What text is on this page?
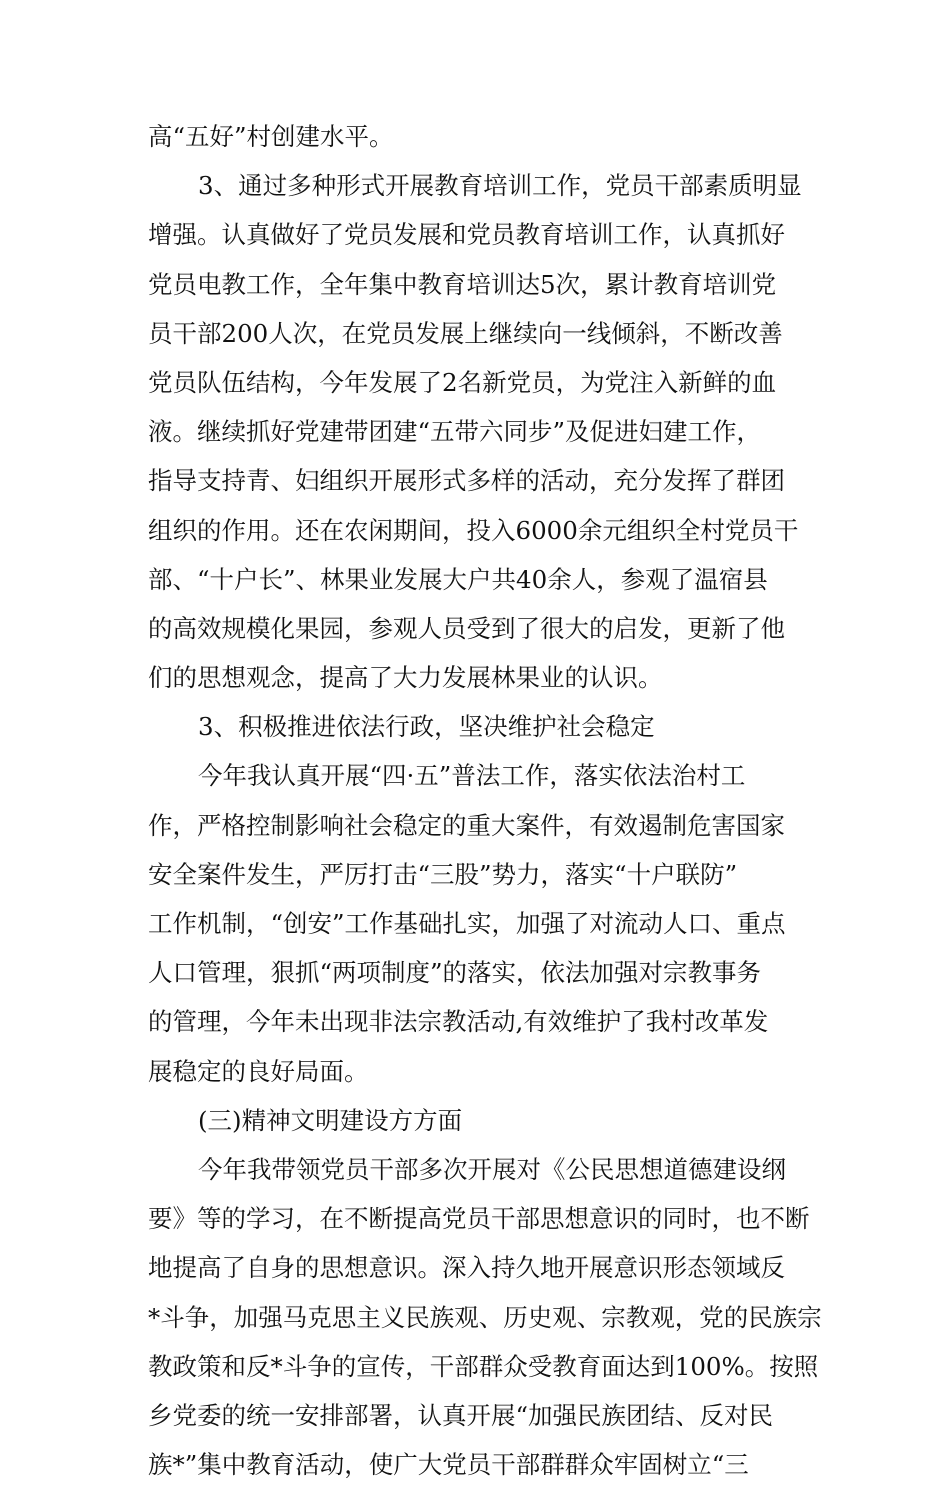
高“五好”村创建水平。
3、通过多种形式开展教育培训工作，党员干部素质明显
增强。认真做好了党员发展和党员教育培训工作，认真抓好
党员电教工作，全年集中教育培训达5次，累计教育培训党
员干部200人次，在党员发展上继续向一线倾斜，不断改善
党员队伍结构，今年发展了2名新党员，为党注入新鲜的血
液。继续抓好党建带团建“五带六同步”及促进妇建工作，
指导支持青、妇组织开展形式多样的活动，充分发挥了群团
组织的作用。还在农闲期间，投入6000余元组织全村党员干
部、“十户长”、林果业发展大户共40余人，参观了温宿县
的高效规模化果园，参观人员受到了很大的启发，更新了他
们的思想观念，提高了大力发展林果业的认识。
3、积极推进依法行政，坚决维护社会稳定
今年我认真开展“四·五”普法工作，落实依法治村工
作，严格控制影响社会稳定的重大案件，有效遏制危害国家
安全案件发生，严厉打击“三股”势力，落实“十户联防”
工作机制，“创安”工作基础扎实，加强了对流动人口、重点
人口管理，狠抓“两项制度”的落实，依法加强对宗教事务
的管理，今年未出现非法宗教活动,有效维护了我村改革发
展稳定的良好局面。
(三)精神文明建设方方面
今年我带领党员干部多次开展对《公民思想道德建设纲
要》等的学习，在不断提高党员干部思想意识的同时，也不断
地提高了自身的思想意识。深入持久地开展意识形态领域反
*斗争，加强马克思主义民族观、历史观、宗教观，党的民族宗
教政策和反*斗争的宣传，干部群众受教育面达到100%。按照
乡党委的统一安排部署，认真开展“加强民族团结、反对民
族*”集中教育活动，使广大党员干部群群众牢固树立“三
